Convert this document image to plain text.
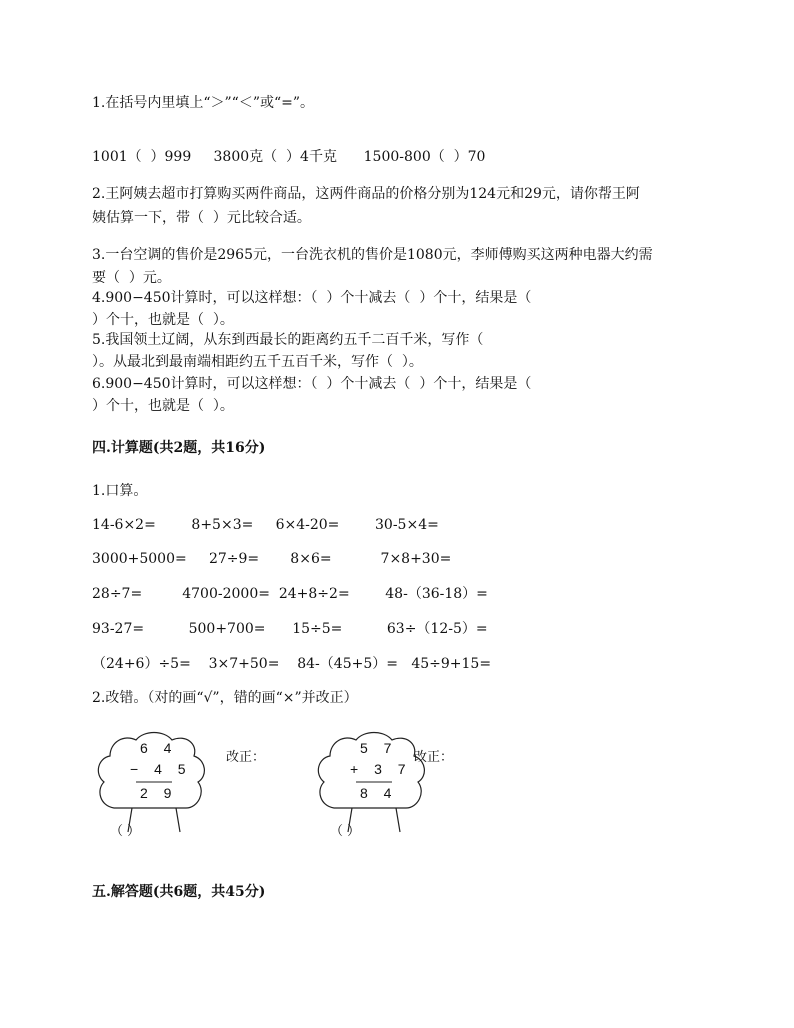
1.在括号内里填上“＞”“＜”或“=”。
1001（  ）999     3800克（  ）4千克      1500-800（  ）70
2.王阿姨去超市打算购买两件商品，这两件商品的价格分别为124元和29元，请你帮王阿
姨估算一下，带（  ）元比较合适。
3.一台空调的售价是2965元，一台洗衣机的售价是1080元，李师傅购买这两种电器大约需
要（  ）元。
4.900−450计算时，可以这样想：（  ）个十减去（  ）个十，结果是（
）个十，也就是（  ）。
5.我国领土辽阔，从东到西最长的距离约五千二百千米，写作（
）。从最北到最南端相距约五千五百千米，写作（  ）。
6.900−450计算时，可以这样想：（  ）个十减去（  ）个十，结果是（
）个十，也就是（  ）。
四.计算题(共2题，共16分)
1.口算。
14-6×2=        8+5×3=     6×4-20=        30-5×4=
3000+5000=     27÷9=       8×6=           7×8+30=
28÷7=         4700-2000=  24+8÷2=        48-（36-18）=
93-27=          500+700=      15÷5=          63÷（12-5）=
（24+6）÷5=    3×7+50=    84-（45+5）=   45÷9+15=
2.改错。（对的画“√”，错的画“×”并改正）
6 4
− 4 5
2 9
（ ）
改正：
5 7
+ 3 7
8 4
（ ）
改正：
五.解答题(共6题，共45分)
